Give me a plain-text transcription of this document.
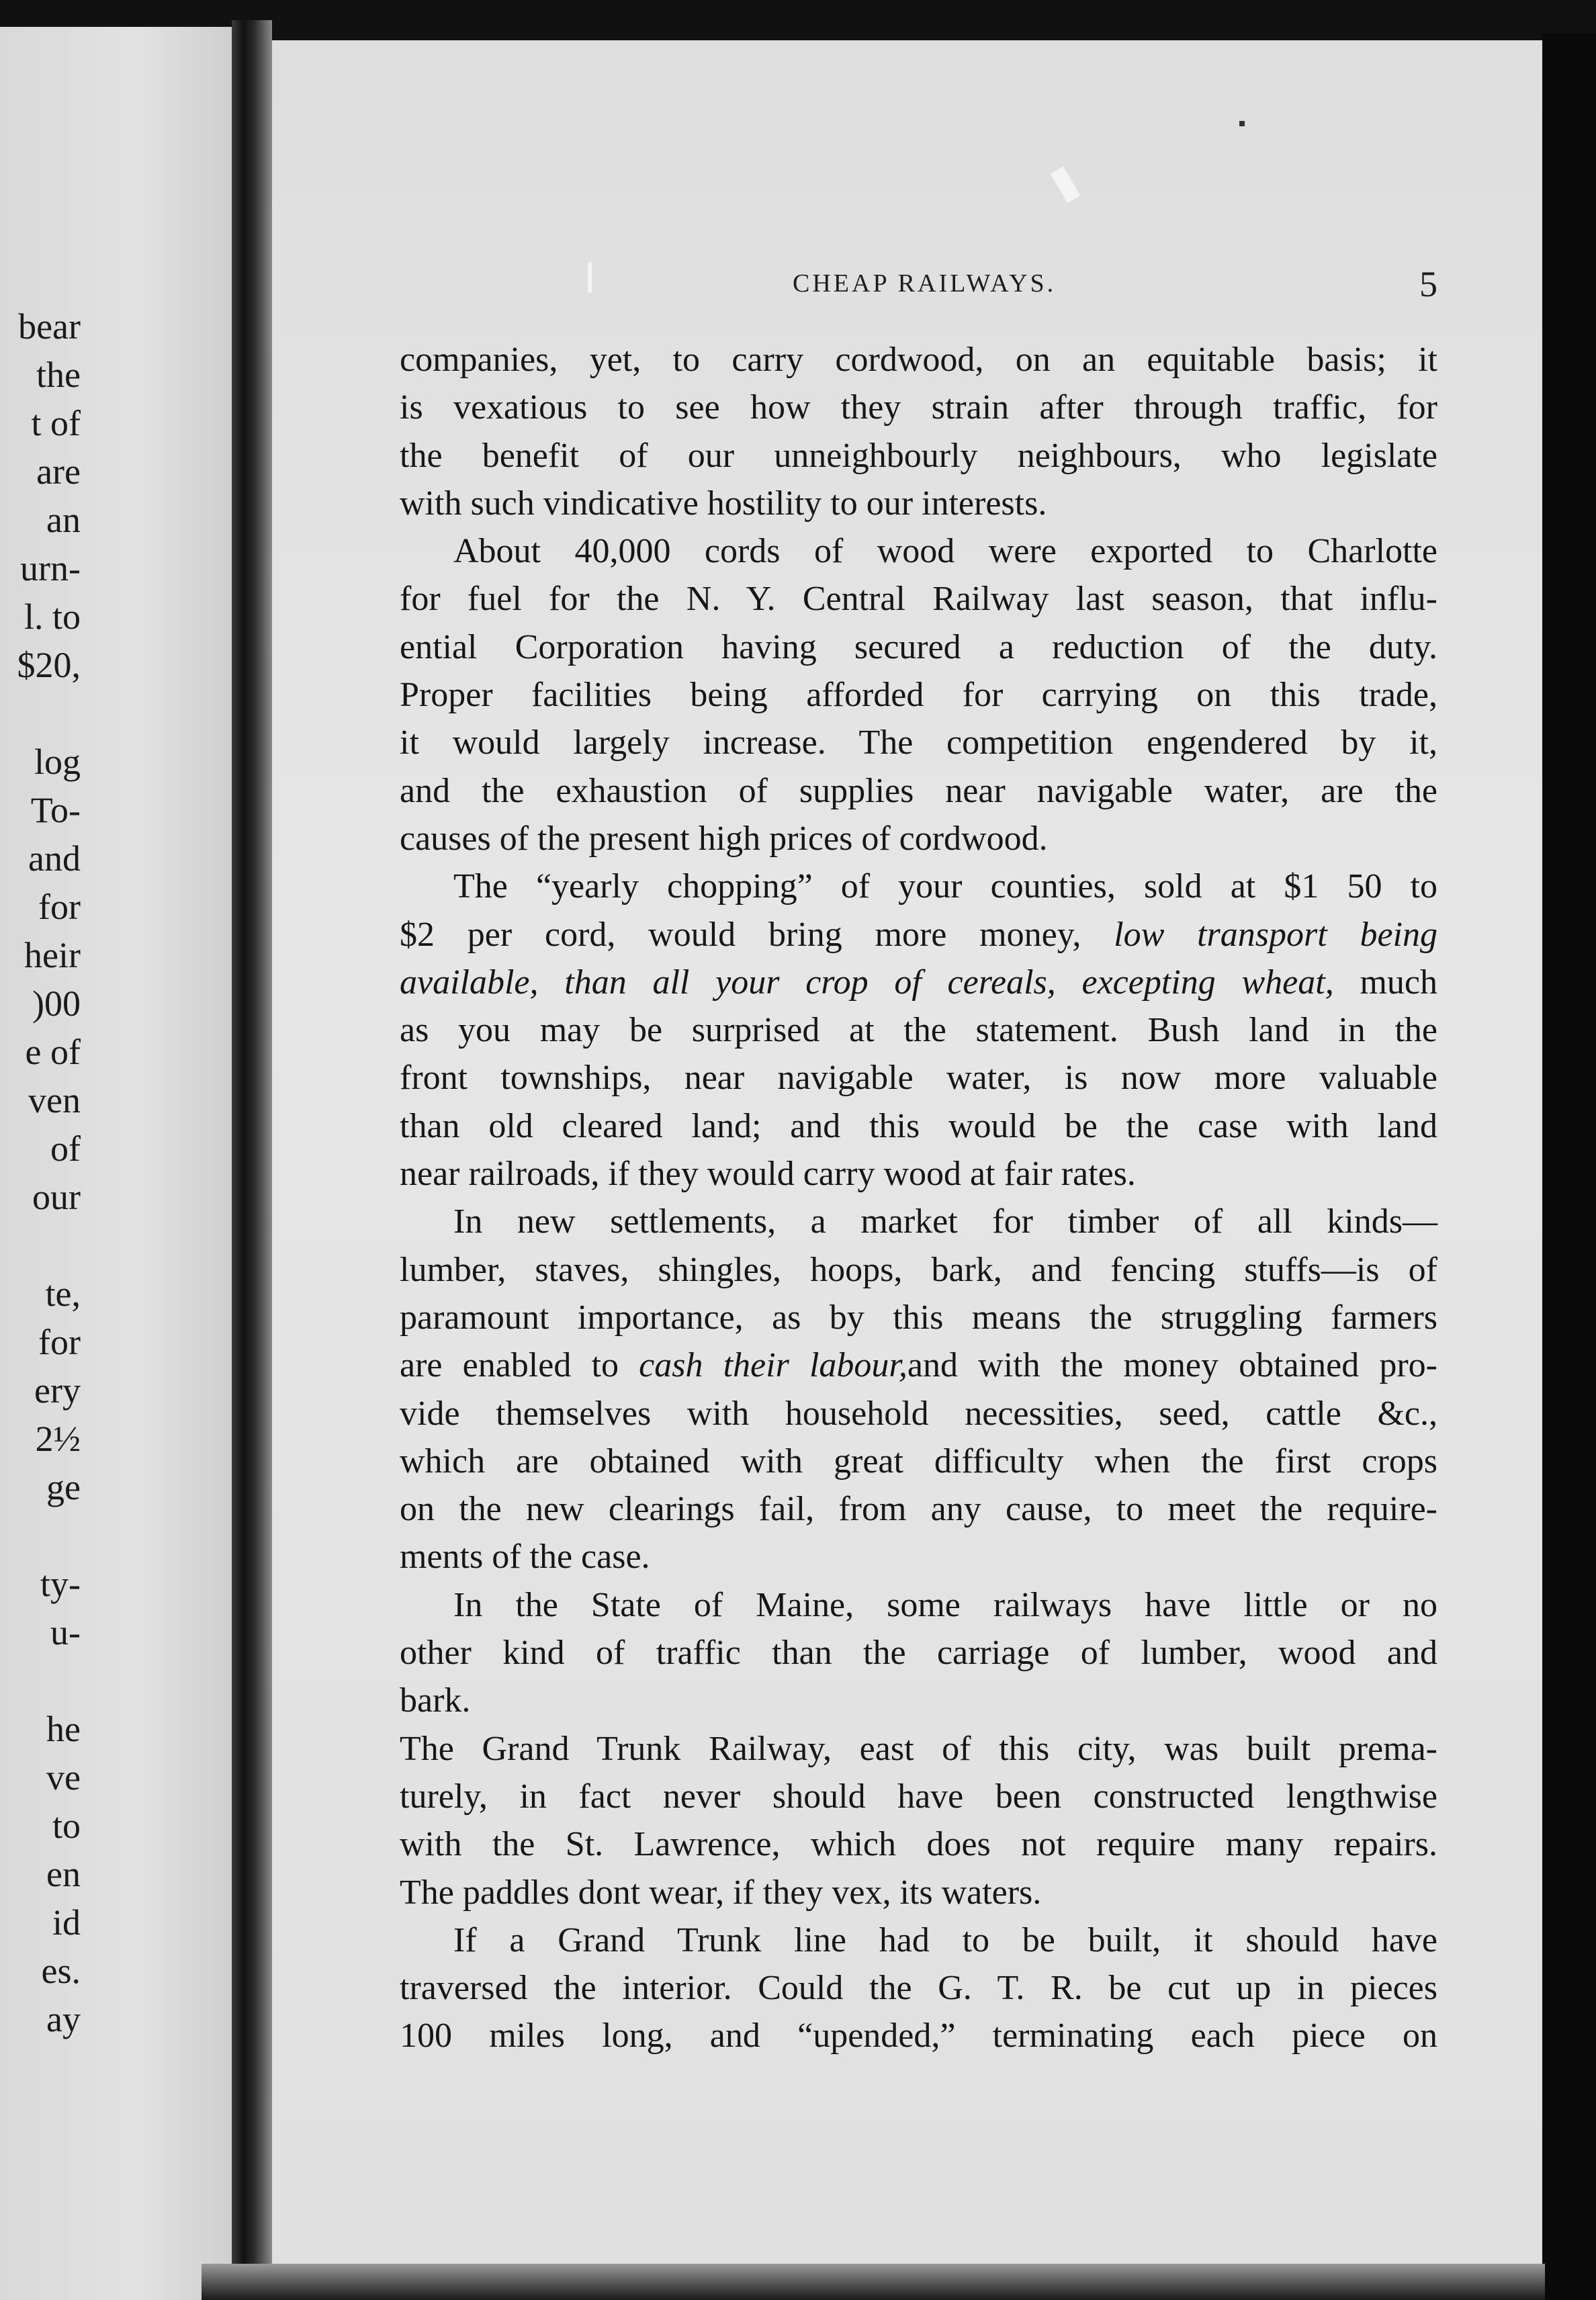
bear
the
t of
are
an
urn-
l. to
$20,
log
To-
and
for
heir
)00
e of
ven
of
our
te,
for
ery
2½
ge
ty-
u-
he
ve
to
en
id
es.
ay
CHEAP RAILWAYS.	5
companies, yet, to carry cordwood, on an equitable basis; it
is vexatious to see how they strain after through traffic, for
the benefit of our unneighbourly neighbours, who legislate
with such vindicative hostility to our interests.
About 40,000 cords of wood were exported to Charlotte
for fuel for the N. Y. Central Railway last season, that influ-
ential Corporation having secured a reduction of the duty.
Proper facilities being afforded for carrying on this trade,
it would largely increase. The competition engendered by it,
and the exhaustion of supplies near navigable water, are the
causes of the present high prices of cordwood.
The “yearly chopping” of your counties, sold at $1 50 to
$2 per cord, would bring more money, low transport being
available, than all your crop of cereals, excepting wheat, much
as you may be surprised at the statement. Bush land in the
front townships, near navigable water, is now more valuable
than old cleared land; and this would be the case with land
near railroads, if they would carry wood at fair rates.
In new settlements, a market for timber of all kinds—
lumber, staves, shingles, hoops, bark, and fencing stuffs—is of
paramount importance, as by this means the struggling farmers
are enabled to cash their labour,and with the money obtained pro-
vide themselves with household necessities, seed, cattle &c.,
which are obtained with great difficulty when the first crops
on the new clearings fail, from any cause, to meet the require-
ments of the case.
In the State of Maine, some railways have little or no
other kind of traffic than the carriage of lumber, wood and
bark.
The Grand Trunk Railway, east of this city, was built prema-
turely, in fact never should have been constructed lengthwise
with the St. Lawrence, which does not require many repairs.
The paddles dont wear, if they vex, its waters.
If a Grand Trunk line had to be built, it should have
traversed the interior. Could the G. T. R. be cut up in pieces
100 miles long, and “upended,” terminating each piece on
